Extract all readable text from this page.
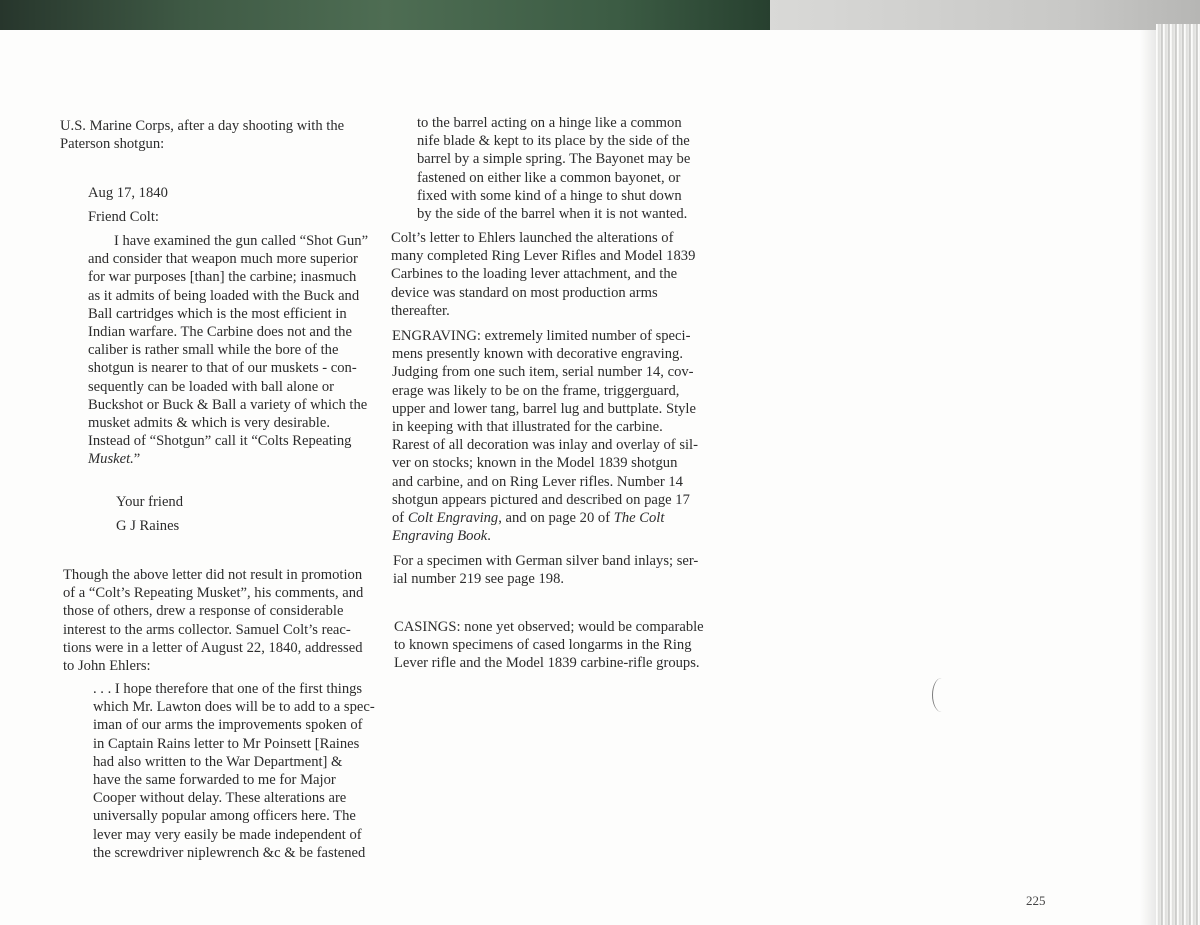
U.S. Marine Corps, after a day shooting with the
Paterson shotgun:
Aug 17, 1840
Friend Colt:
I have examined the gun called “Shot Gun”
and consider that weapon much more superior
for war purposes [than] the carbine; inasmuch
as it admits of being loaded with the Buck and
Ball cartridges which is the most efficient in
Indian warfare. The Carbine does not and the
caliber is rather small while the bore of the
shotgun is nearer to that of our muskets - con-
sequently can be loaded with ball alone or
Buckshot or Buck & Ball a variety of which the
musket admits & which is very desirable.
Instead of “Shotgun” call it “Colts Repeating
Musket.”
Your friend
G J Raines
Though the above letter did not result in promotion
of a “Colt’s Repeating Musket”, his comments, and
those of others, drew a response of considerable
interest to the arms collector. Samuel Colt’s reac-
tions were in a letter of August 22, 1840, addressed
to John Ehlers:
. . . I hope therefore that one of the first things
which Mr. Lawton does will be to add to a spec-
iman of our arms the improvements spoken of
in Captain Rains letter to Mr Poinsett [Raines
had also written to the War Department] &
have the same forwarded to me for Major
Cooper without delay. These alterations are
universally popular among officers here. The
lever may very easily be made independent of
the screwdriver niplewrench &c & be fastened
to the barrel acting on a hinge like a common
nife blade & kept to its place by the side of the
barrel by a simple spring. The Bayonet may be
fastened on either like a common bayonet, or
fixed with some kind of a hinge to shut down
by the side of the barrel when it is not wanted.
Colt’s letter to Ehlers launched the alterations of
many completed Ring Lever Rifles and Model 1839
Carbines to the loading lever attachment, and the
device was standard on most production arms
thereafter.
ENGRAVING: extremely limited number of speci-
mens presently known with decorative engraving.
Judging from one such item, serial number 14, cov-
erage was likely to be on the frame, triggerguard,
upper and lower tang, barrel lug and buttplate. Style
in keeping with that illustrated for the carbine.
Rarest of all decoration was inlay and overlay of sil-
ver on stocks; known in the Model 1839 shotgun
and carbine, and on Ring Lever rifles. Number 14
shotgun appears pictured and described on page 17
of Colt Engraving, and on page 20 of The Colt
Engraving Book.
For a specimen with German silver band inlays; ser-
ial number 219 see page 198.
CASINGS: none yet observed; would be comparable
to known specimens of cased longarms in the Ring
Lever rifle and the Model 1839 carbine-rifle groups.
225
